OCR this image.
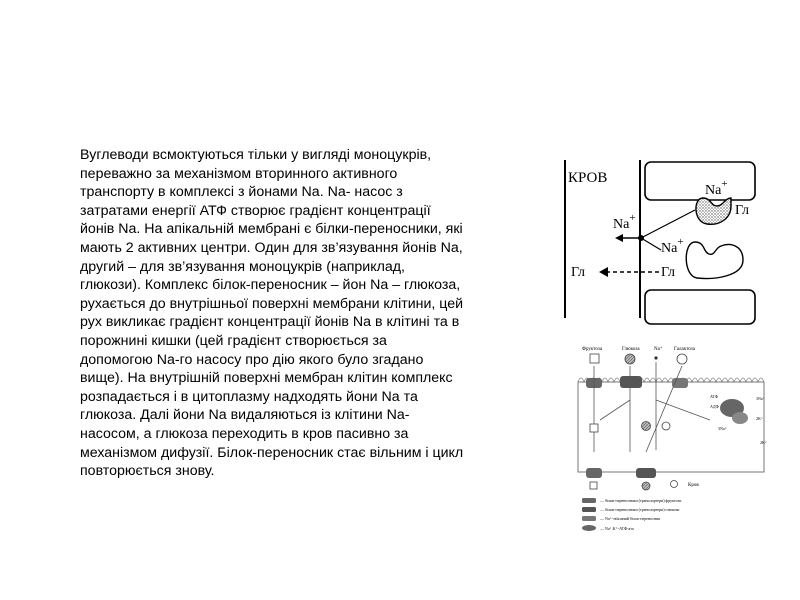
Вуглеводи всмоктуються тільки у вигляді моноцукрів,
переважно за механізмом вторинного активного
транспорту в комплексі з йонами Na. Na- насос з
затратами енергії АТФ створює градієнт концентрації
йонів Na. На апікальній мембрані є білки-переносники, які
мають 2 активних центри. Один для зв’язування йонів Na,
другий – для зв’язування моноцукрів (наприклад,
глюкози). Комплекс білок-переносник – йон Na – глюкоза,
рухається до внутрішньої поверхні мембрани клітини, цей
рух викликає градієнт концентрації йонів Na в клітині та в
порожнині кишки (цей градієнт створюється за
допомогою Na-го насосу про дію якого було згадано
вище). На внутрішній поверхні мембран клітин комплекс
розпадається і в цитоплазму надходять йони Na та
глюкоза. Далі йони Na видаляються із клітини Na-
насосом, а глюкоза переходить в кров пасивно за
механізмом дифузії. Білок-переносник стає вільним і цикл
повторюється знову.
КРОВ
Na+
Гл
Na+
Na+
Гл	Гл
Фруктоза	Глюкоза	Na⁺ Галактоза
АТФ
АДФ
3Na⁺
3Na⁺
2K⁺
2K⁺
Кров
— білки-переносники (транспортери) фруктози
— білки-переносники (транспортери) глюкози
— Na⁺-зв'язаний білок-переносник
— Na⁺,K⁺-АТФ-аза
